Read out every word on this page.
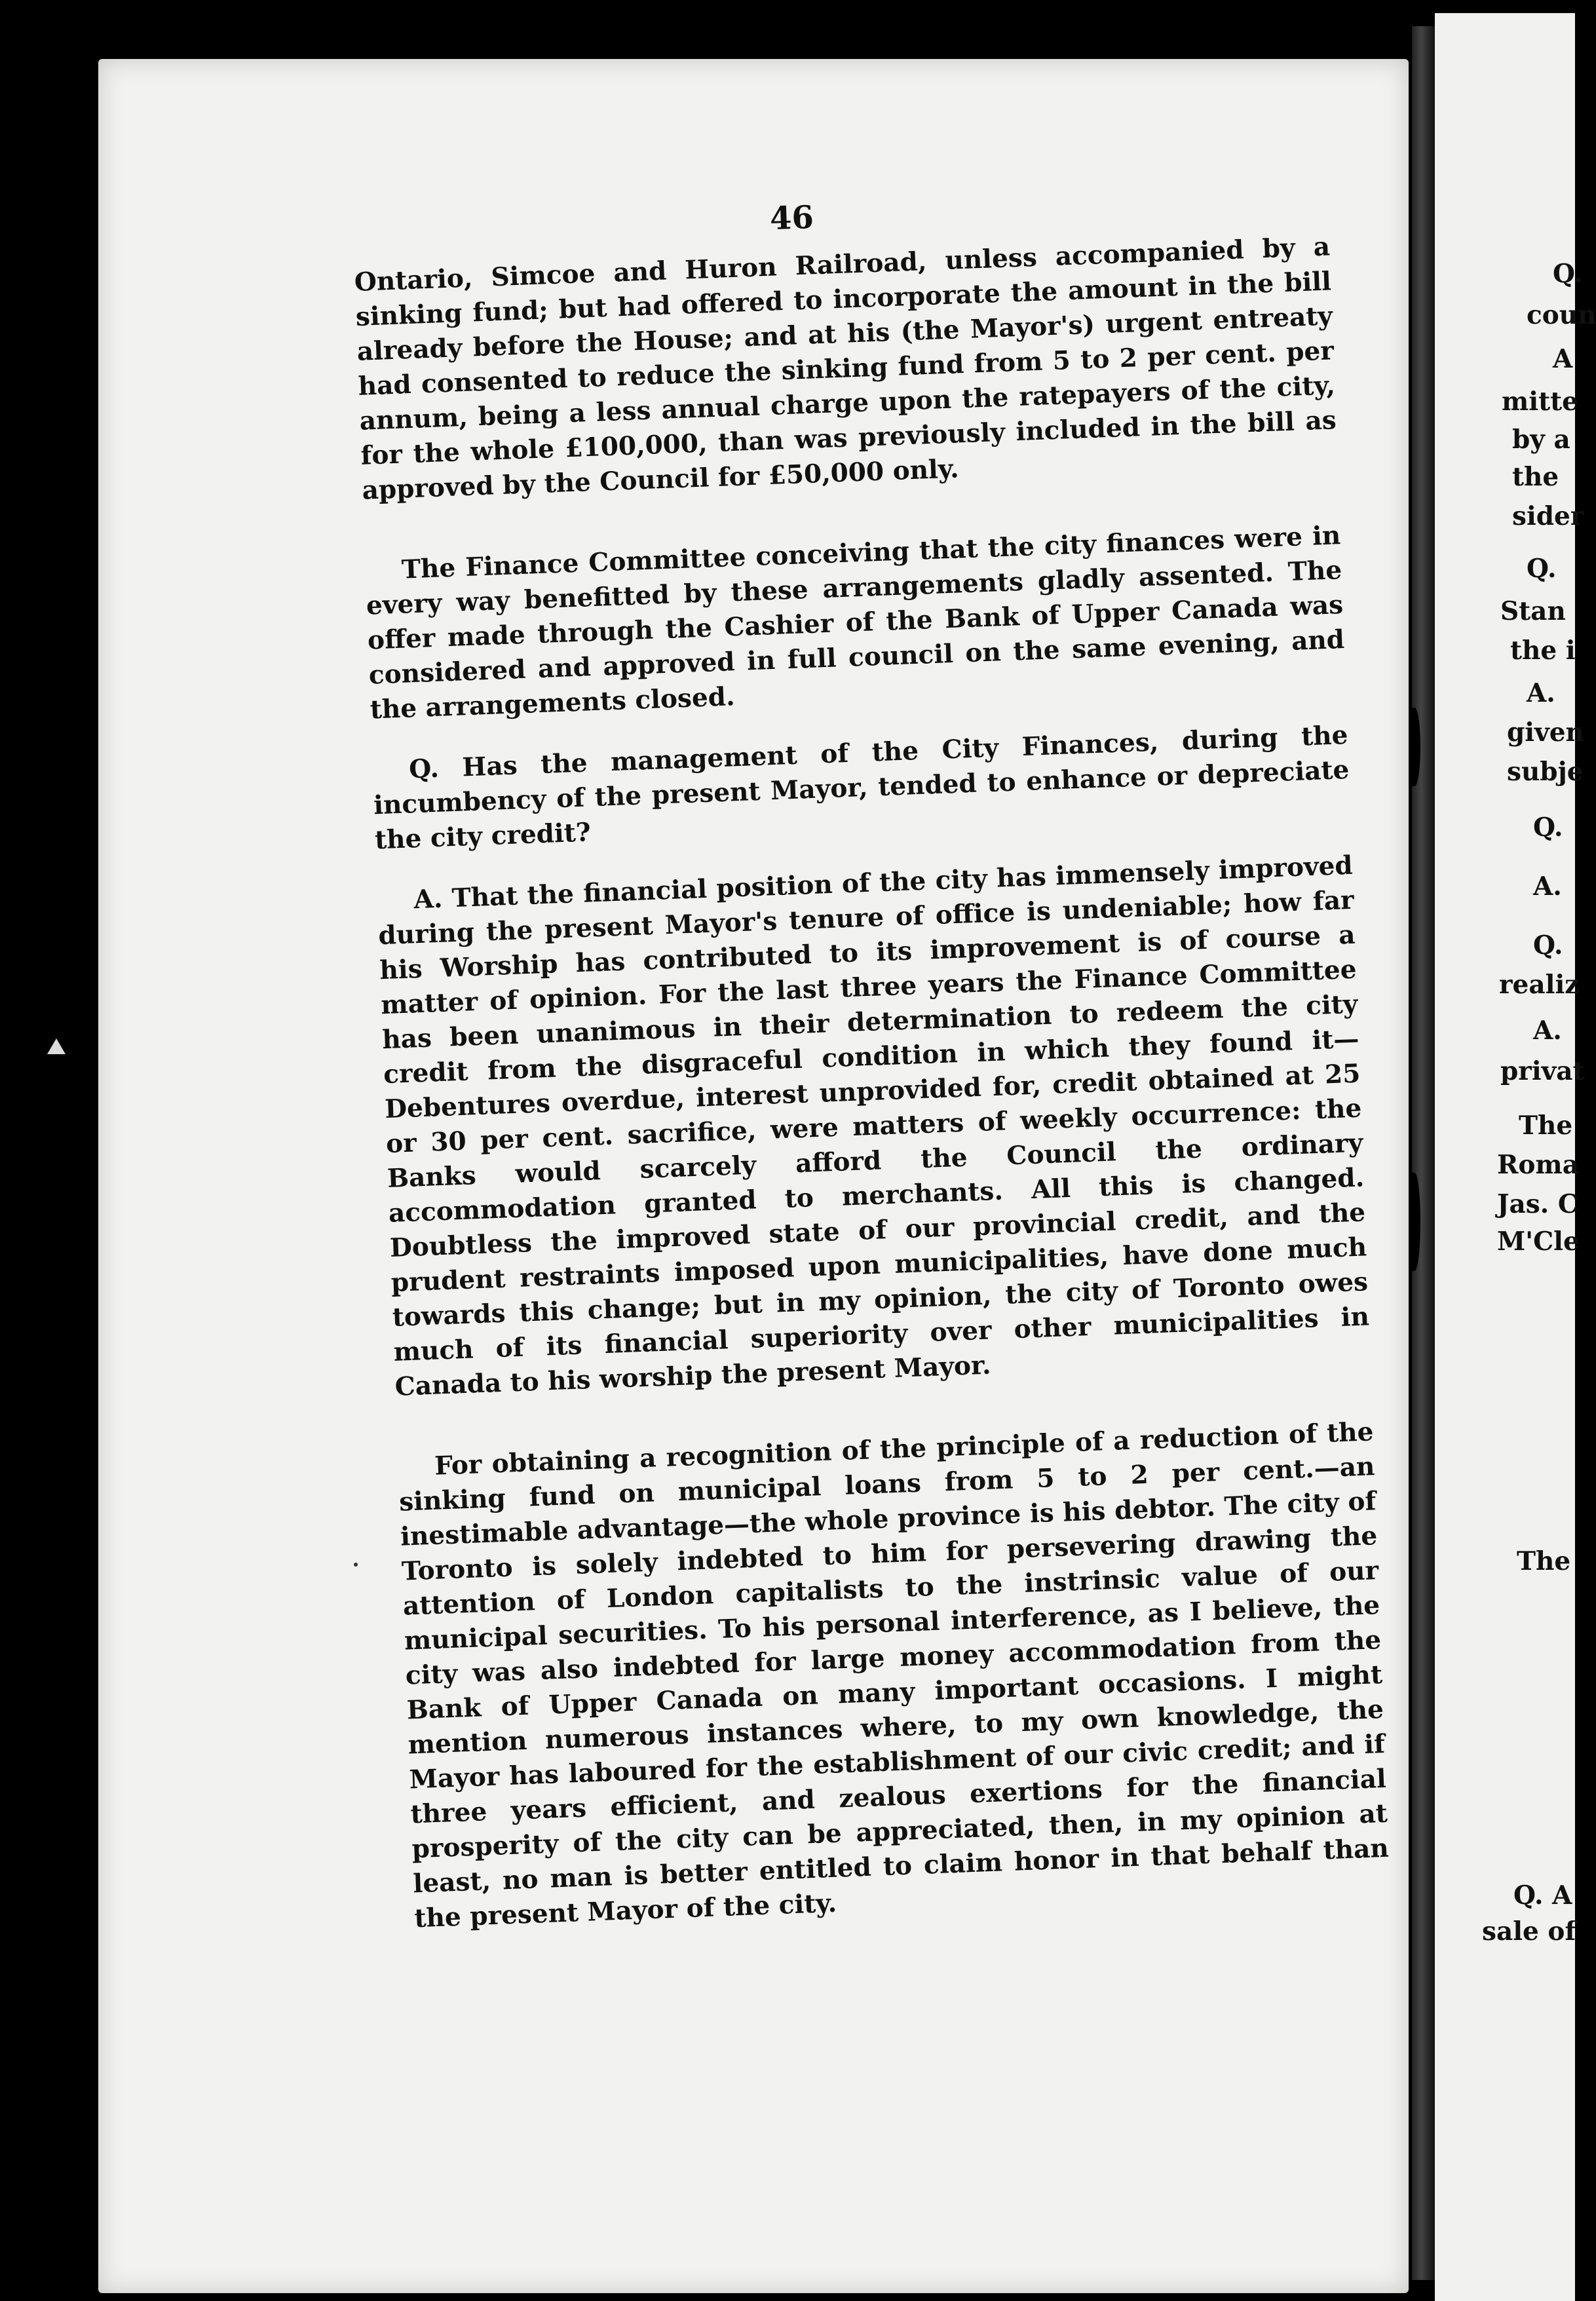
46

Ontario, Simcoe and Huron Railroad, unless accompanied by a sinking fund; but had offered to incorporate the amount in the bill already before the House; and at his (the Mayor's) urgent entreaty had consented to reduce the sinking fund from 5 to 2 per cent. per annum, being a less annual charge upon the ratepayers of the city, for the whole £100,000, than was previously included in the bill as approved by the Council for £50,000 only.

The Finance Committee conceiving that the city finances were in every way benefitted by these arrangements gladly assented. The offer made through the Cashier of the Bank of Upper Canada was considered and approved in full council on the same evening, and the arrangements closed.

Q. Has the management of the City Finances, during the incumbency of the present Mayor, tended to enhance or depreciate the city credit?

A. That the financial position of the city has immensely improved during the present Mayor's tenure of office is undeniable; how far his Worship has contributed to its improvement is of course a matter of opinion. For the last three years the Finance Committee has been unanimous in their determination to redeem the city credit from the disgraceful condition in which they found it—Debentures overdue, interest unprovided for, credit obtained at 25 or 30 per cent. sacrifice, were matters of weekly occurrence: the Banks would scarcely afford the Council the ordinary accommodation granted to merchants. All this is changed. Doubtless the improved state of our provincial credit, and the prudent restraints imposed upon municipalities, have done much towards this change; but in my opinion, the city of Toronto owes much of its financial superiority over other municipalities in Canada to his worship the present Mayor.

For obtaining a recognition of the principle of a reduction of the sinking fund on municipal loans from 5 to 2 per cent.—an inestimable advantage—the whole province is his debtor. The city of Toronto is solely indebted to him for persevering drawing the attention of London capitalists to the instrinsic value of our municipal securities. To his personal interference, as I believe, the city was also indebted for large money accommodation from the Bank of Upper Canada on many important occasions. I might mention numerous instances where, to my own knowledge, the Mayor has laboured for the establishment of our civic credit; and if three years efficient, and zealous exertions for the financial prosperity of the city can be appreciated, then, in my opinion at least, no man is better entitled to claim honor in that behalf than the present Mayor of the city.

Q.
coun
A
mitte
by a
the
sider
Q.
Stan
the i
A.
given
subje
Q.
A.
Q.
realiz
A.
privat
The
Roma
Jas. C
M'Cle
The
Q. A
sale of
